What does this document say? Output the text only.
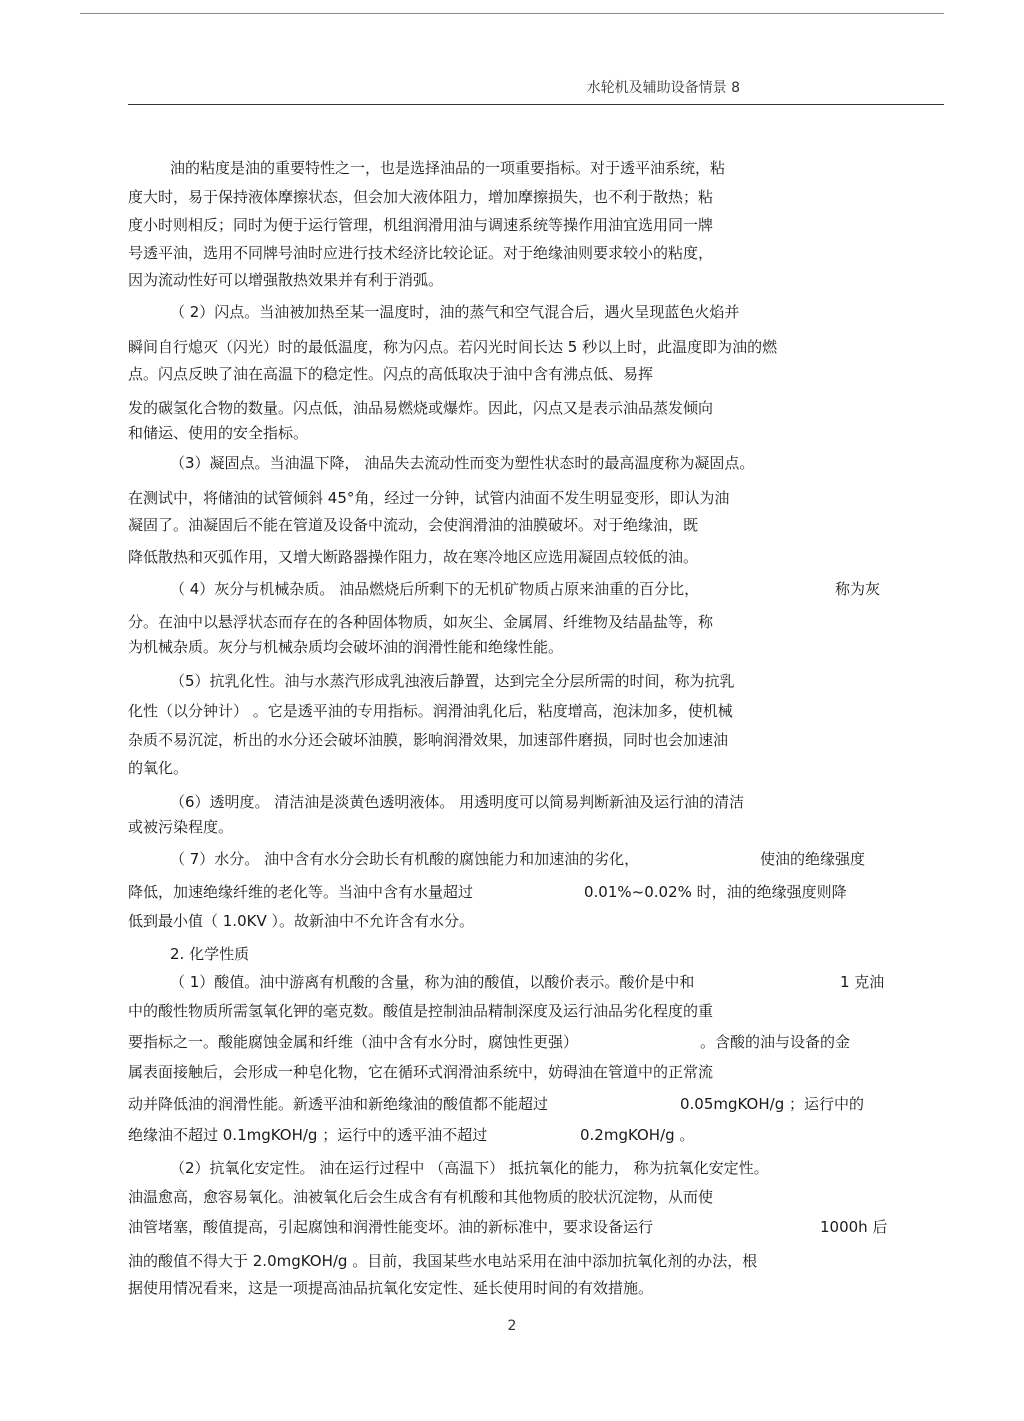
水轮机及辅助设备情景 8
油的粘度是油的重要特性之一，也是选择油品的一项重要指标。对于透平油系统，粘
度大时，易于保持液体摩擦状态，但会加大液体阻力，增加摩擦损失，也不利于散热；粘
度小时则相反；同时为便于运行管理，机组润滑用油与调速系统等操作用油宜选用同一牌
号透平油，选用不同牌号油时应进行技术经济比较论证。对于绝缘油则要求较小的粘度，
因为流动性好可以增强散热效果并有利于消弧。
（ 2）闪点。当油被加热至某一温度时，油的蒸气和空气混合后，遇火呈现蓝色火焰并
瞬间自行熄灭（闪光）时的最低温度，称为闪点。若闪光时间长达 5 秒以上时，此温度即为油的燃
点。闪点反映了油在高温下的稳定性。闪点的高低取决于油中含有沸点低、易挥
发的碳氢化合物的数量。闪点低，油品易燃烧或爆炸。因此，闪点又是表示油品蒸发倾向
和储运、使用的安全指标。
（3）凝固点。当油温下降， 油品失去流动性而变为塑性状态时的最高温度称为凝固点。
在测试中，将储油的试管倾斜 45°角，经过一分钟，试管内油面不发生明显变形，即认为油
凝固了。油凝固后不能在管道及设备中流动，会使润滑油的油膜破坏。对于绝缘油，既
降低散热和灭弧作用，又增大断路器操作阻力，故在寒冷地区应选用凝固点较低的油。
（ 4）灰分与机械杂质。 油品燃烧后所剩下的无机矿物质占原来油重的百分比，	称为灰
分。在油中以悬浮状态而存在的各种固体物质，如灰尘、金属屑、纤维物及结晶盐等，称
为机械杂质。灰分与机械杂质均会破坏油的润滑性能和绝缘性能。
（5）抗乳化性。油与水蒸汽形成乳浊液后静置，达到完全分层所需的时间，称为抗乳
化性（以分钟计） 。它是透平油的专用指标。润滑油乳化后，粘度增高，泡沫加多，使机械
杂质不易沉淀，析出的水分还会破坏油膜，影响润滑效果，加速部件磨损，同时也会加速油
的氧化。
（6）透明度。 清洁油是淡黄色透明液体。 用透明度可以简易判断新油及运行油的清洁
或被污染程度。
（ 7）水分。 油中含有水分会助长有机酸的腐蚀能力和加速油的劣化，	使油的绝缘强度
降低，加速绝缘纤维的老化等。当油中含有水量超过	0.01%~0.02% 时，油的绝缘强度则降
低到最小值（ 1.0KV ）。故新油中不允许含有水分。
2. 化学性质
（ 1）酸值。油中游离有机酸的含量，称为油的酸值，以酸价表示。酸价是中和	1 克油
中的酸性物质所需氢氧化钾的毫克数。酸值是控制油品精制深度及运行油品劣化程度的重
要指标之一。酸能腐蚀金属和纤维（油中含有水分时，腐蚀性更强）	。含酸的油与设备的金
属表面接触后，会形成一种皂化物，它在循环式润滑油系统中，妨碍油在管道中的正常流
动并降低油的润滑性能。新透平油和新绝缘油的酸值都不能超过	0.05mgKOH/g ；运行中的
绝缘油不超过 0.1mgKOH/g ；运行中的透平油不超过	0.2mgKOH/g 。
（2）抗氧化安定性。 油在运行过程中 （高温下） 抵抗氧化的能力， 称为抗氧化安定性。
油温愈高，愈容易氧化。油被氧化后会生成含有有机酸和其他物质的胶状沉淀物，从而使
油管堵塞，酸值提高，引起腐蚀和润滑性能变坏。油的新标准中，要求设备运行	1000h 后
油的酸值不得大于 2.0mgKOH/g 。目前，我国某些水电站采用在油中添加抗氧化剂的办法，根
据使用情况看来，这是一项提高油品抗氧化安定性、延长使用时间的有效措施。
2
